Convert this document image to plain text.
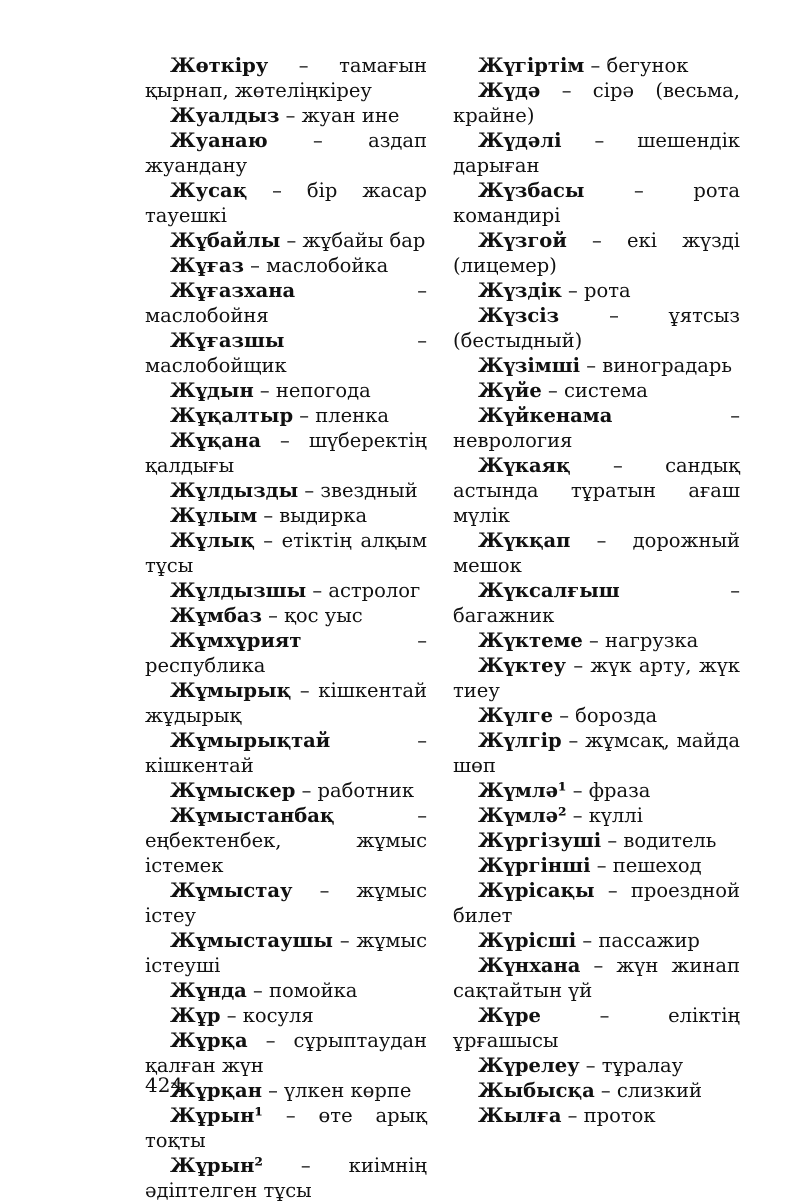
Жөткіру – тамағын қырнап, жөтеліңкіреу

Жуалдыз – жуан ине

Жуанаю – аздап жуандану

Жусақ – бір жасар тауешкі

Жұбайлы – жұбайы бар

Жұғаз – маслобойка

Жұғазхана – маслобойня

Жұғазшы – маслобойщик

Жұдын – непогода

Жұқалтыр – пленка

Жұқана – шүберектің қалдығы

Жұлдызды – звездный

Жұлым – выдирка

Жұлық – етіктің алқым тұсы

Жұлдызшы – астролог

Жұмбаз – қос уыс

Жұмхұрият – республика

Жұмырық – кішкентай жұдырық

Жұмырықтай – кішкентай

Жұмыскер – работник

Жұмыстанбақ – еңбектенбек, жұмыс істемек

Жұмыстау – жұмыс істеу

Жұмыстаушы – жұмыс істеуші

Жұнда – помойка

Жұр – косуля

Жұрқа – сұрыптаудан қалған жүн

Жұрқан – үлкен көрпе

Жұрын¹ – өте арық тоқты

Жұрын² – киімнің әдіптелген тұсы

Жүгіртім – бегунок

Жүдә – сірә (весьма, крайне)

Жүдәлі – шешендік дарыған

Жүзбасы – рота командирі

Жүзгой – екі жүзді (лицемер)

Жүздік – рота

Жүзсіз – ұятсыз (бестыдный)

Жүзімші – виноградарь

Жүйе – система

Жүйкенама – неврология

Жүкаяқ – сандық астында тұратын ағаш мүлік

Жүкқап – дорожный мешок

Жүксалғыш – багажник

Жүктеме – нагрузка

Жүктеу – жүк арту, жүк тиеу

Жүлге – борозда

Жүлгір – жұмсақ, майда шөп

Жүмлә¹ – фраза

Жүмлә² – күллі

Жүргізуші – водитель

Жүргінші – пешеход

Жүрісақы – проездной билет

Жүрісші – пассажир

Жүнхана – жүн жинап сақтайтын үй

Жүре – еліктің ұрғашысы

Жүрелеу – тұралау

Жыбысқа – слизкий

Жылға – проток

424
